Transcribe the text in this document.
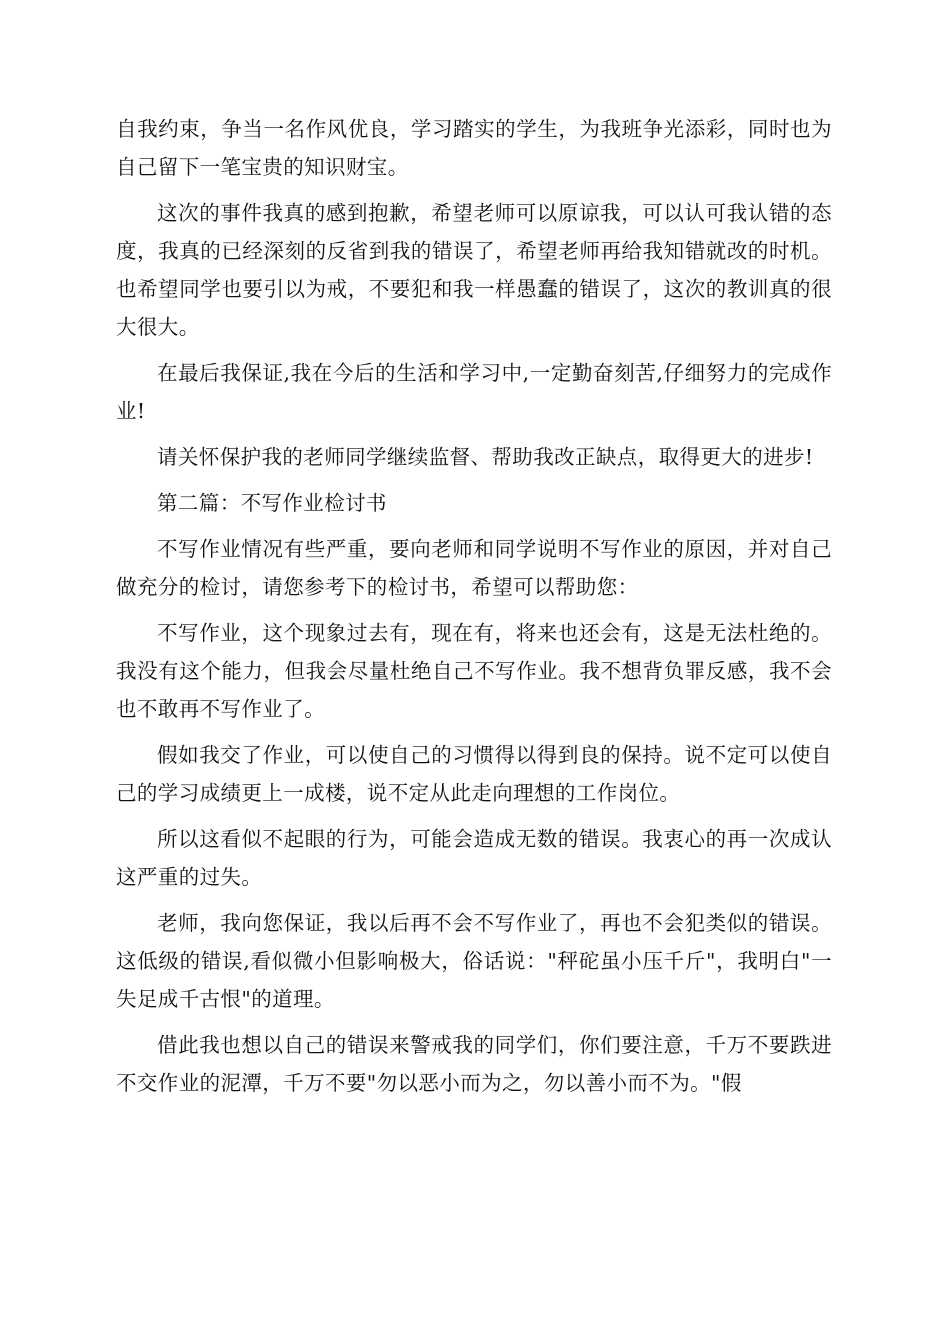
自我约束，争当一名作风优良，学习踏实的学生，为我班争光添彩，同时也为自己留下一笔宝贵的知识财宝。

这次的事件我真的感到抱歉，希望老师可以原谅我，可以认可我认错的态度，我真的已经深刻的反省到我的错误了，希望老师再给我知错就改的时机。也希望同学也要引以为戒，不要犯和我一样愚蠢的错误了，这次的教训真的很大很大。

在最后我保证,我在今后的生活和学习中,一定勤奋刻苦,仔细努力的完成作业!

请关怀保护我的老师同学继续监督、帮助我改正缺点，取得更大的进步!

第二篇：不写作业检讨书

不写作业情况有些严重，要向老师和同学说明不写作业的原因，并对自己做充分的检讨，请您参考下的检讨书，希望可以帮助您：

不写作业，这个现象过去有，现在有，将来也还会有，这是无法杜绝的。我没有这个能力，但我会尽量杜绝自己不写作业。我不想背负罪反感，我不会也不敢再不写作业了。

假如我交了作业，可以使自己的习惯得以得到良的保持。说不定可以使自己的学习成绩更上一成楼，说不定从此走向理想的工作岗位。

所以这看似不起眼的行为，可能会造成无数的错误。我衷心的再一次成认这严重的过失。

老师，我向您保证，我以后再不会不写作业了，再也不会犯类似的错误。这低级的错误,看似微小但影响极大，俗话说："秤砣虽小压千斤"，我明白"一失足成千古恨"的道理。

借此我也想以自己的错误来警戒我的同学们，你们要注意，千万不要跌进不交作业的泥潭，千万不要"勿以恶小而为之，勿以善小而不为。"假
